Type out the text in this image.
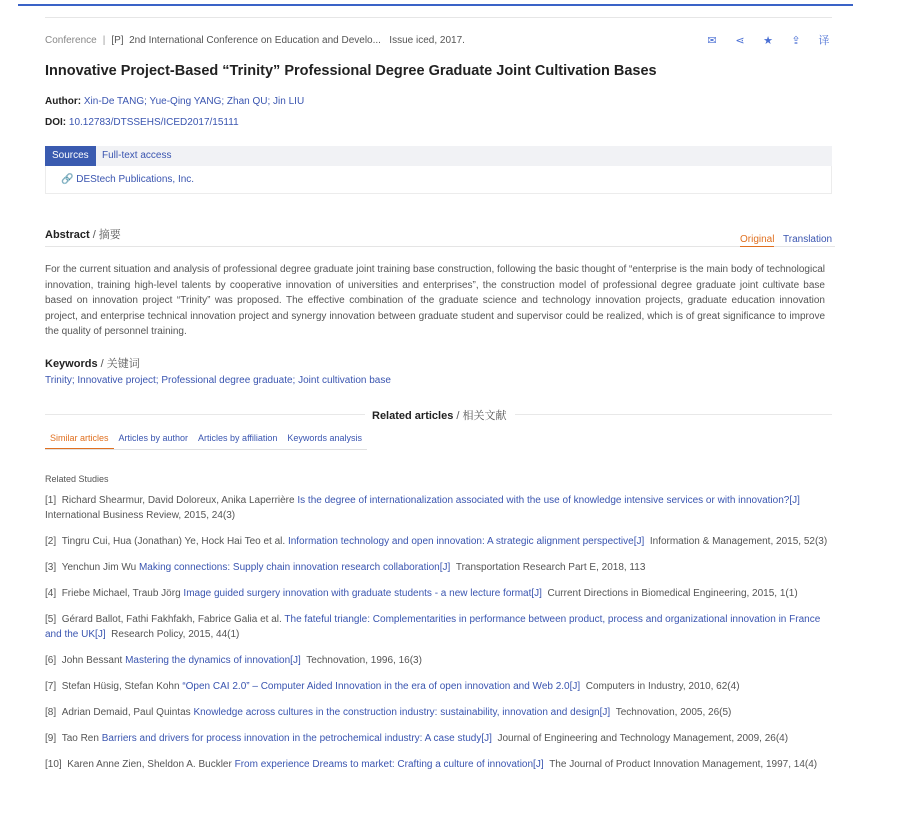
Conference | [P] 2nd International Conference on Education and Develo... Issue iced, 2017.	✉ ⋖ ★ ⇪ 译
Innovative Project-Based “Trinity” Professional Degree Graduate Joint Cultivation Bases
Author: Xin-De TANG; Yue-Qing YANG; Zhan QU; Jin LIU
DOI: 10.12783/DTSSEHS/ICED2017/15111
Sources	Full-text access
🔗 DEStech Publications, Inc.
Abstract / 摘要	Original Translation
For the current situation and analysis of professional degree graduate joint training base construction, following the basic thought of “enterprise is the main body of technological innovation, training high-level talents by cooperative innovation of universities and enterprises”, the construction model of professional degree graduate joint cultivate base based on innovation project “Trinity” was proposed. The effective combination of the graduate science and technology innovation projects, graduate education innovation project, and enterprise technical innovation project and synergy innovation between graduate student and supervisor could be realized, which is of great significance to improve the quality of personnel training.
Keywords / 关键词
Trinity; Innovative project; Professional degree graduate; Joint cultivation base
Related articles / 相关文献
Similar articles	Articles by author	Articles by affiliation	Keywords analysis
Related Studies
[1] Richard Shearmur, David Doloreux, Anika Laperrière Is the degree of internationalization associated with the use of knowledge intensive services or with innovation?[J] International Business Review, 2015, 24(3)
[2] Tingru Cui, Hua (Jonathan) Ye, Hock Hai Teo et al. Information technology and open innovation: A strategic alignment perspective[J] Information & Management, 2015, 52(3)
[3] Yenchun Jim Wu Making connections: Supply chain innovation research collaboration[J] Transportation Research Part E, 2018, 113
[4] Friebe Michael, Traub Jörg Image guided surgery innovation with graduate students - a new lecture format[J] Current Directions in Biomedical Engineering, 2015, 1(1)
[5] Gérard Ballot, Fathi Fakhfakh, Fabrice Galia et al. The fateful triangle: Complementarities in performance between product, process and organizational innovation in France and the UK[J] Research Policy, 2015, 44(1)
[6] John Bessant Mastering the dynamics of innovation[J] Technovation, 1996, 16(3)
[7] Stefan Hüsig, Stefan Kohn “Open CAI 2.0” – Computer Aided Innovation in the era of open innovation and Web 2.0[J] Computers in Industry, 2010, 62(4)
[8] Adrian Demaid, Paul Quintas Knowledge across cultures in the construction industry: sustainability, innovation and design[J] Technovation, 2005, 26(5)
[9] Tao Ren Barriers and drivers for process innovation in the petrochemical industry: A case study[J] Journal of Engineering and Technology Management, 2009, 26(4)
[10] Karen Anne Zien, Sheldon A. Buckler From experience Dreams to market: Crafting a culture of innovation[J] The Journal of Product Innovation Management, 1997, 14(4)
